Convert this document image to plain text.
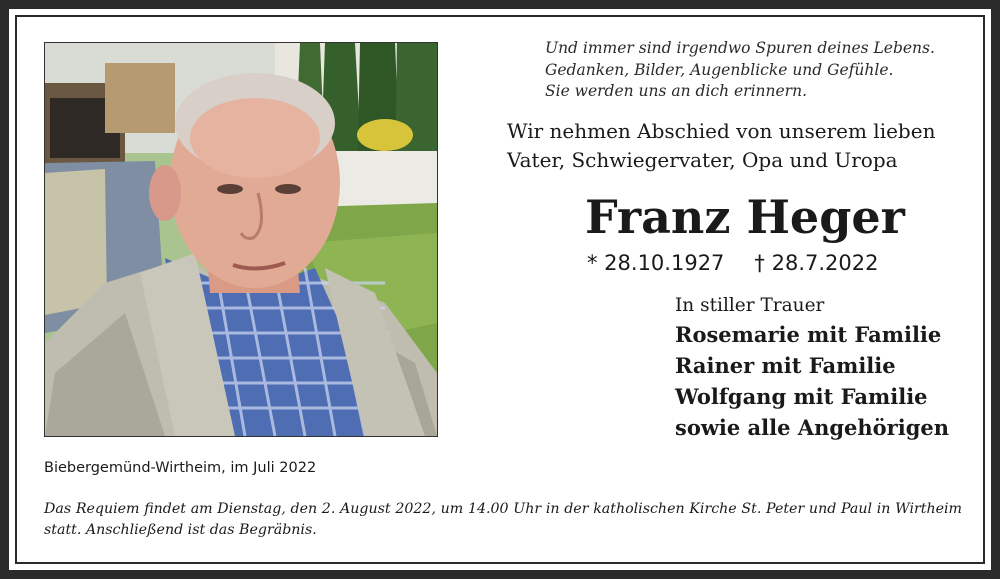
Und immer sind irgendwo Spuren deines Lebens.
Gedanken, Bilder, Augenblicke und Gefühle.
Sie werden uns an dich erinnern.
Wir nehmen Abschied von unserem lieben
Vater, Schwiegervater, Opa und Uropa
Franz Heger
* 28.10.1927 † 28.7.2022
In stiller Trauer
Rosemarie mit Familie
Rainer mit Familie
Wolfgang mit Familie
sowie alle Angehörigen
Biebergemünd-Wirtheim, im Juli 2022
Das Requiem findet am Dienstag, den 2. August 2022, um 14.00 Uhr in der katholischen Kirche St. Peter und Paul in Wirtheim statt. Anschließend ist das Begräbnis.
